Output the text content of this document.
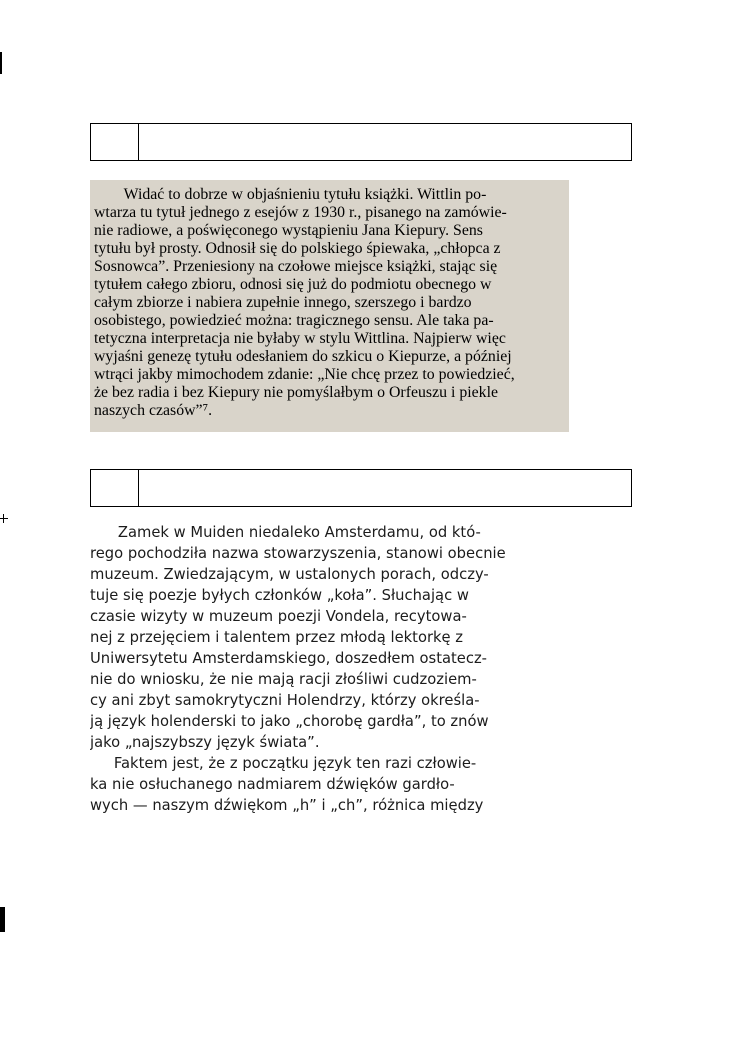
Widać to dobrze w objaśnieniu tytułu książki. Wittlin po-
wtarza tu tytuł jednego z esejów z 1930 r., pisanego na zamówie-
nie radiowe, a poświęconego wystąpieniu Jana Kiepury. Sens
tytułu był prosty. Odnosił się do polskiego śpiewaka, „chłopca z
Sosnowca”. Przeniesiony na czołowe miejsce książki, stając się
tytułem całego zbioru, odnosi się już do podmiotu obecnego w
całym zbiorze i nabiera zupełnie innego, szerszego i bardzo
osobistego, powiedzieć można: tragicznego sensu. Ale taka pa-
tetyczna interpretacja nie byłaby w stylu Wittlina. Najpierw więc
wyjaśni genezę tytułu odesłaniem do szkicu o Kiepurze, a później
wtrąci jakby mimochodem zdanie: „Nie chcę przez to powiedzieć,
że bez radia i bez Kiepury nie pomyślałbym o Orfeuszu i piekle
naszych czasów”⁷.
Zamek w Muiden niedaleko Amsterdamu, od któ-
rego pochodziła nazwa stowarzyszenia, stanowi obecnie
muzeum. Zwiedzającym, w ustalonych porach, odczy-
tuje się poezje byłych członków „koła”. Słuchając w
czasie wizyty w muzeum poezji Vondela, recytowa-
nej z przejęciem i talentem przez młodą lektorkę z
Uniwersytetu Amsterdamskiego, doszedłem ostatecz-
nie do wniosku, że nie mają racji złośliwi cudzoziem-
cy ani zbyt samokrytyczni Holendrzy, którzy określa-
ją język holenderski to jako „chorobę gardła”, to znów
jako „najszybszy język świata”.
Faktem jest, że z początku język ten razi człowie-
ka nie osłuchanego nadmiarem dźwięków gardło-
wych — naszym dźwiękom „h” i „ch”, różnica między
